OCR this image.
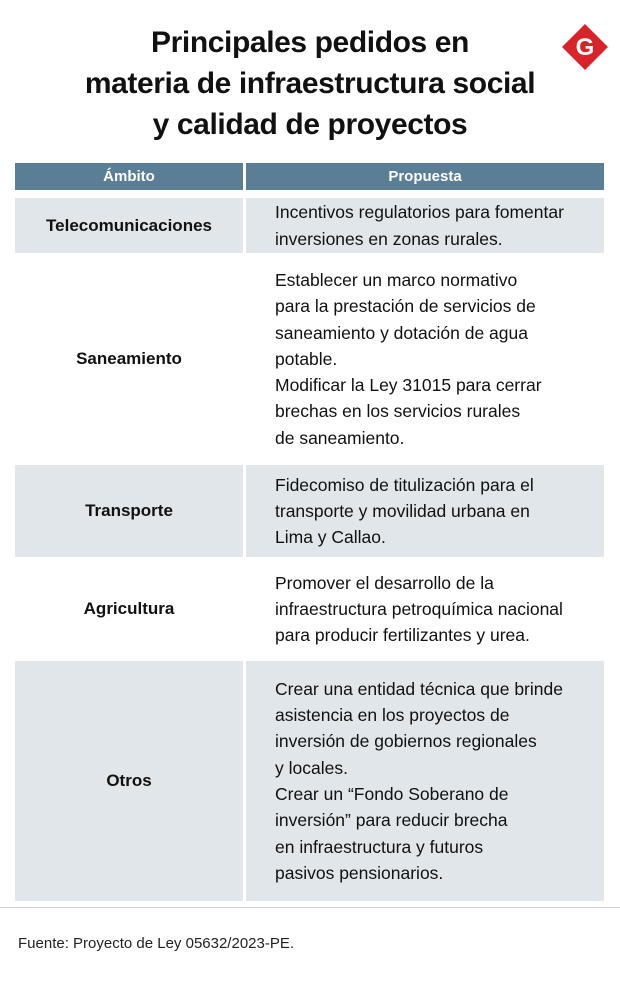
Principales pedidos en
materia de infraestructura social
y calidad de proyectos
G
Ámbito	Propuesta
Telecomunicaciones
Incentivos regulatorios para fomentar
inversiones en zonas rurales.
Saneamiento
Establecer un marco normativo
para la prestación de servicios de
saneamiento y dotación de agua
potable.
Modificar la Ley 31015 para cerrar
brechas en los servicios rurales
de saneamiento.
Transporte
Fidecomiso de titulización para el
transporte y movilidad urbana en
Lima y Callao.
Agricultura
Promover el desarrollo de la
infraestructura petroquímica nacional
para producir fertilizantes y urea.
Otros
Crear una entidad técnica que brinde
asistencia en los proyectos de
inversión de gobiernos regionales
y locales.
Crear un “Fondo Soberano de
inversión” para reducir brecha
en infraestructura y futuros
pasivos pensionarios.
Fuente: Proyecto de Ley 05632/2023-PE.
